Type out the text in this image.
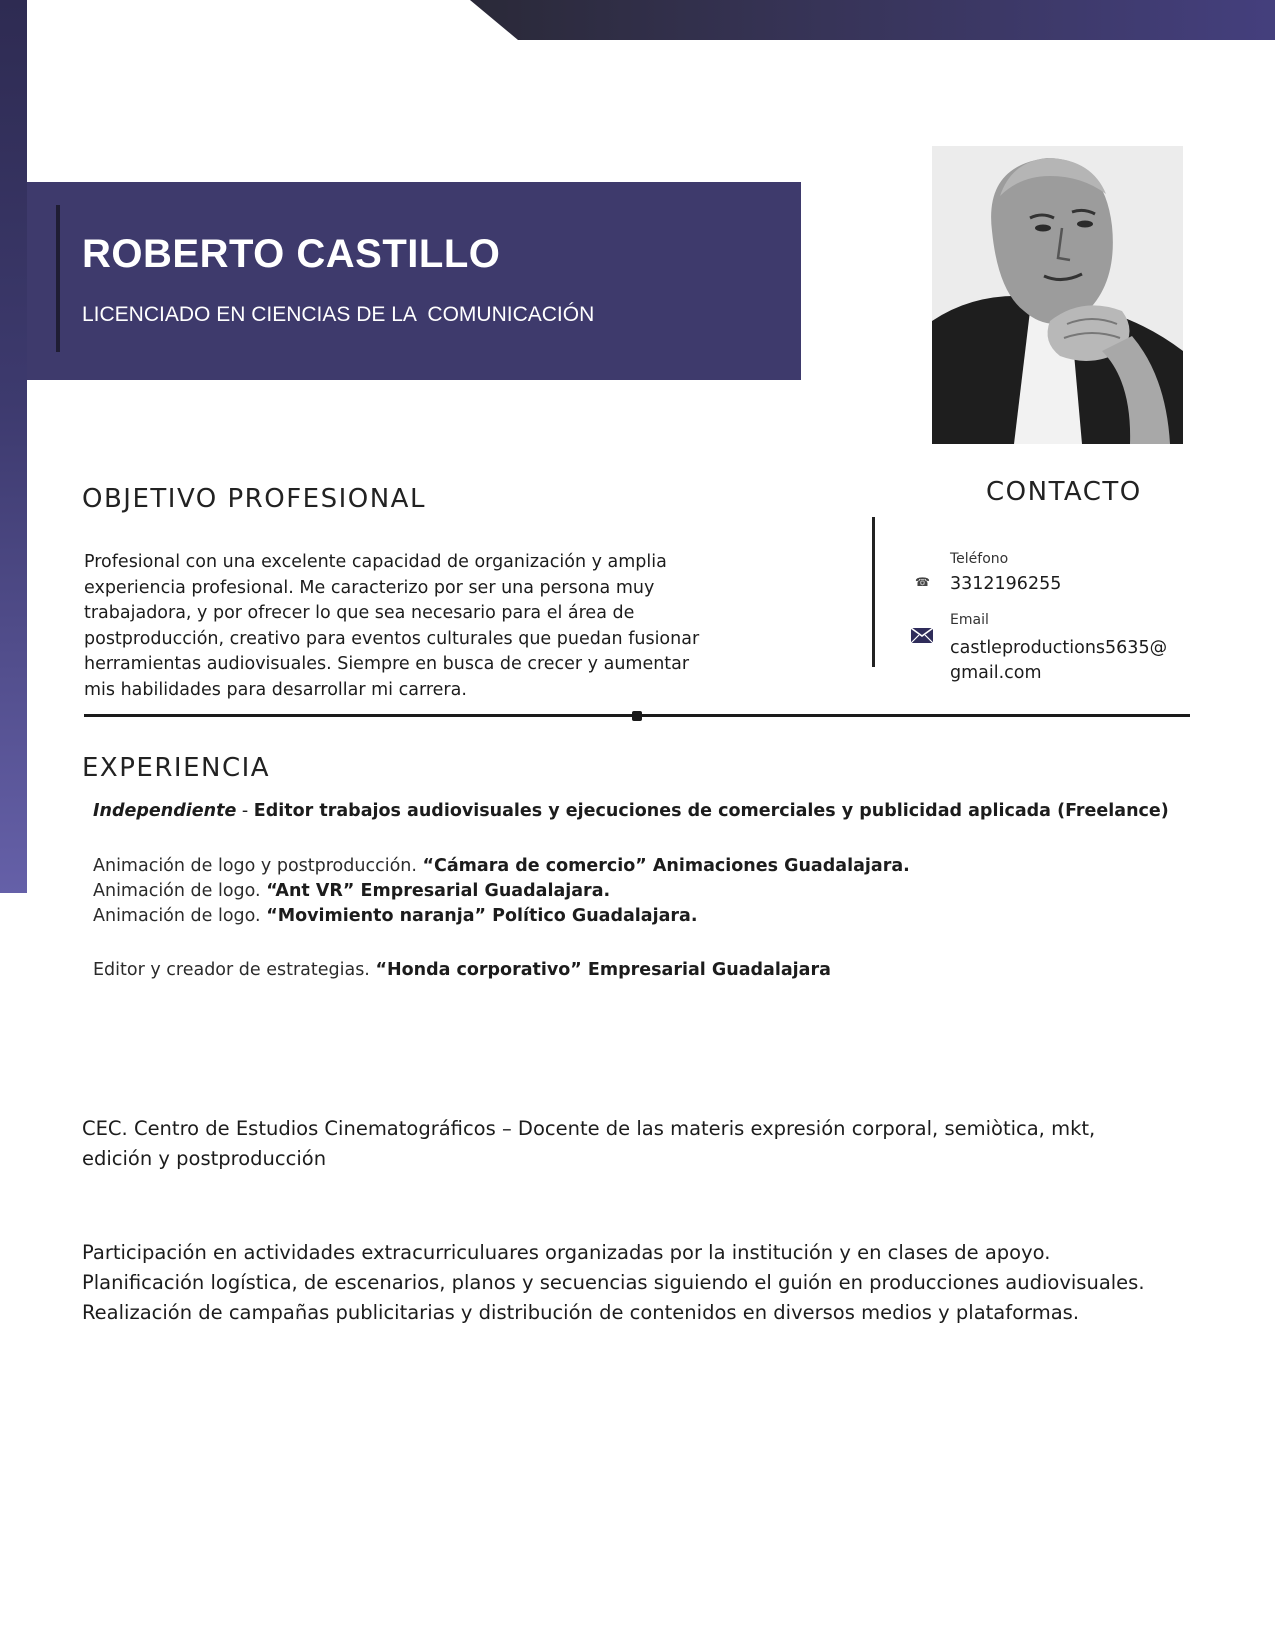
ROBERTO CASTILLO

LICENCIADO EN CIENCIAS DE LA  COMUNICACIÓN

OBJETIVO PROFESIONAL

Profesional con una excelente capacidad de organización y amplia experiencia profesional. Me caracterizo por ser una persona muy trabajadora, y por ofrecer lo que sea necesario para el área de postproducción, creativo para eventos culturales que puedan fusionar herramientas audiovisuales. Siempre en busca de crecer y aumentar mis habilidades para desarrollar mi carrera.

CONTACTO
☎

Teléfono

3312196255

Email

castleproductions5635@

gmail.com

EXPERIENCIA

Independiente - Editor trabajos audiovisuales y ejecuciones de comerciales y publicidad aplicada (Freelance)

Animación de logo y postproducción. “Cámara de comercio” Animaciones Guadalajara.

Animación de logo. “Ant VR” Empresarial Guadalajara.

Animación de logo. “Movimiento naranja” Político Guadalajara.

Editor y creador de estrategias. “Honda corporativo” Empresarial Guadalajara

CEC. Centro de Estudios Cinematográficos – Docente de las materis expresión corporal, semiòtica, mkt, edición y postproducción

Participación en actividades extracurriculuares organizadas por la institución y en clases de apoyo. Planificación logística, de escenarios, planos y secuencias siguiendo el guión en producciones audiovisuales. Realización de campañas publicitarias y distribución de contenidos en diversos medios y plataformas.
